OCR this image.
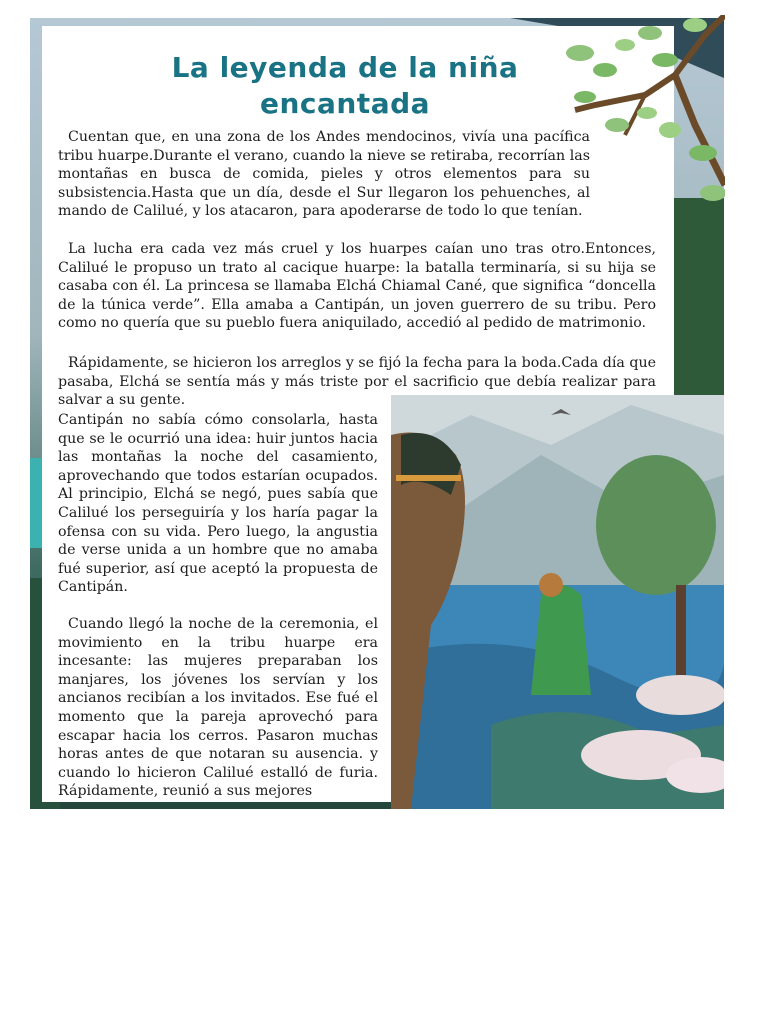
La leyenda de la niña
encantada

Cuentan que, en una zona de los Andes mendocinos, vivía una pacífica tribu huarpe.Durante el verano, cuando la nieve se retiraba, recorrían las montañas en busca de comida, pieles y otros elementos para su subsistencia.Hasta que un día, desde el Sur llegaron los pehuenches, al mando de Calilué, y los atacaron, para apoderarse de todo lo que tenían.

La lucha era cada vez más cruel y los huarpes caían uno tras otro.Entonces, Calilué le propuso un trato al cacique huarpe: la batalla terminaría, si su hija se casaba con él. La princesa se llamaba Elchá Chiamal Cané, que significa “doncella de la túnica verde”. Ella amaba a Cantipán, un joven guerrero de su tribu. Pero como no quería que su pueblo fuera aniquilado, accedió al pedido de matrimonio.

Rápidamente, se hicieron los arreglos y se fijó la fecha para la boda.Cada día que pasaba, Elchá se sentía más y más triste por el sacrificio que debía realizar para salvar a su gente.

Cantipán no sabía cómo consolarla, hasta que se le ocurrió una idea: huir juntos hacia las montañas la noche del casamiento, aprovechando que todos estarían ocupados. Al principio, Elchá se negó, pues sabía que Calilué los perseguiría y los haría pagar la ofensa con su vida. Pero luego, la angustia de verse unida a un hombre que no amaba fué superior, así que aceptó la propuesta de Cantipán.

Cuando llegó la noche de la ceremonia, el movimiento en la tribu huarpe era incesante: las mujeres preparaban los manjares, los jóvenes los servían y los ancianos recibían a los invitados. Ese fué el momento que la pareja aprovechó para escapar hacia los cerros. Pasaron muchas horas antes de que notaran su ausencia. y cuando lo hicieron Calilué estalló de furia. Rápidamente, reunió a sus mejores
